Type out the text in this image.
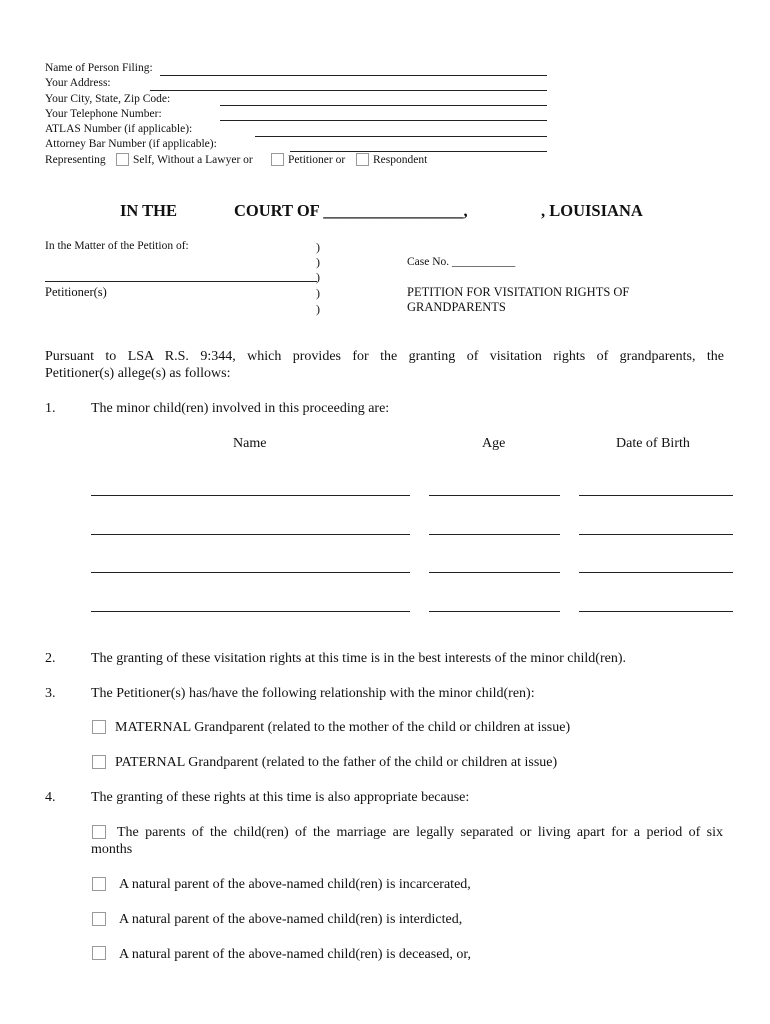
Name of Person Filing:
Your Address:
Your City, State, Zip Code:
Your Telephone Number:
ATLAS Number (if applicable):
Attorney Bar Number (if applicable):
Representing Self, Without a Lawyer or	Petitioner or Respondent
IN THE	COURT OF _________________,	, LOUISIANA
In the Matter of the Petition of:
Petitioner(s)
)
)
)
)
)
Case No. ___________
PETITION FOR VISITATION RIGHTS OF
GRANDPARENTS
Pursuant to LSA R.S. 9:344, which provides for the granting of visitation rights of grandparents, the
Petitioner(s) allege(s) as follows:
1.	The minor child(ren) involved in this proceeding are:
Name	Age	Date of Birth
2.	The granting of these visitation rights at this time is in the best interests of the minor child(ren).
3.	The Petitioner(s) has/have the following relationship with the minor child(ren):
MATERNAL Grandparent (related to the mother of the child or children at issue)
PATERNAL Grandparent (related to the father of the child or children at issue)
4.	The granting of these rights at this time is also appropriate because:
The parents of the child(ren) of the marriage are legally separated or living apart for a period of six
months
A natural parent of the above-named child(ren) is incarcerated,
A natural parent of the above-named child(ren) is interdicted,
A natural parent of the above-named child(ren) is deceased, or,
